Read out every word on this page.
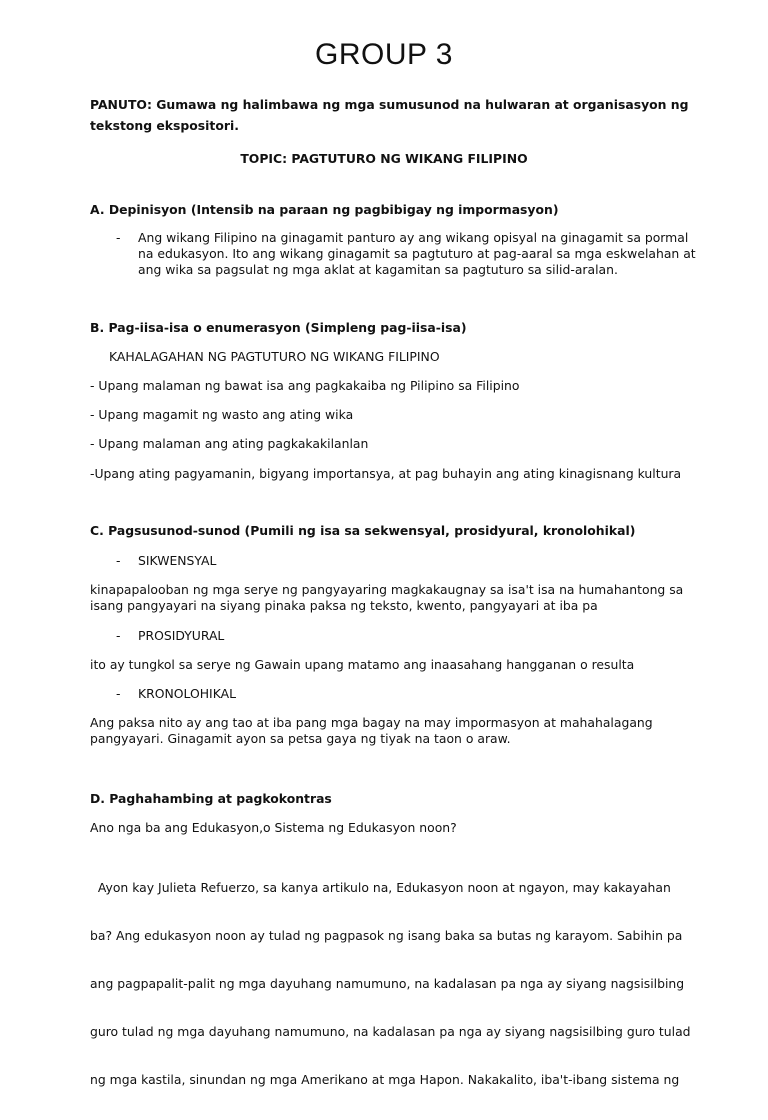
GROUP 3
PANUTO: Gumawa ng halimbawa ng mga sumusunod na hulwaran at organisasyon ng
tekstong ekspositori.
TOPIC: PAGTUTURO NG WIKANG FILIPINO
A. Depinisyon (Intensib na paraan ng pagbibigay ng impormasyon)
- Ang wikang Filipino na ginagamit panturo ay ang wikang opisyal na ginagamit sa pormal
na edukasyon. Ito ang wikang ginagamit sa pagtuturo at pag-aaral sa mga eskwelahan at
ang wika sa pagsulat ng mga aklat at kagamitan sa pagtuturo sa silid-aralan.
B. Pag-iisa-isa o enumerasyon (Simpleng pag-iisa-isa)
KAHALAGAHAN NG PAGTUTURO NG WIKANG FILIPINO
- Upang malaman ng bawat isa ang pagkakaiba ng Pilipino sa Filipino
- Upang magamit ng wasto ang ating wika
- Upang malaman ang ating pagkakakilanlan
-Upang ating pagyamanin, bigyang importansya, at pag buhayin ang ating kinagisnang kultura
C. Pagsusunod-sunod (Pumili ng isa sa sekwensyal, prosidyural, kronolohikal)
- SIKWENSYAL
kinapapalooban ng mga serye ng pangyayaring magkakaugnay sa isa't isa na humahantong sa
isang pangyayari na siyang pinaka paksa ng teksto, kwento, pangyayari at iba pa
- PROSIDYURAL
ito ay tungkol sa serye ng Gawain upang matamo ang inaasahang hangganan o resulta
- KRONOLOHIKAL
Ang paksa nito ay ang tao at iba pang mga bagay na may impormasyon at mahahalagang
pangyayari. Ginagamit ayon sa petsa gaya ng tiyak na taon o araw.
D. Paghahambing at pagkokontras
Ano nga ba ang Edukasyon,o Sistema ng Edukasyon noon?

Ayon kay Julieta Refuerzo, sa kanya artikulo na, Edukasyon noon at ngayon, may kakayahan

ba? Ang edukasyon noon ay tulad ng pagpasok ng isang baka sa butas ng karayom. Sabihin pa

ang pagpapalit-palit ng mga dayuhang namumuno, na kadalasan pa nga ay siyang nagsisilbing

guro tulad ng mga dayuhang namumuno, na kadalasan pa nga ay siyang nagsisilbing guro tulad

ng mga kastila, sinundan ng mga Amerikano at mga Hapon. Nakakalito, iba't-ibang sistema ng
